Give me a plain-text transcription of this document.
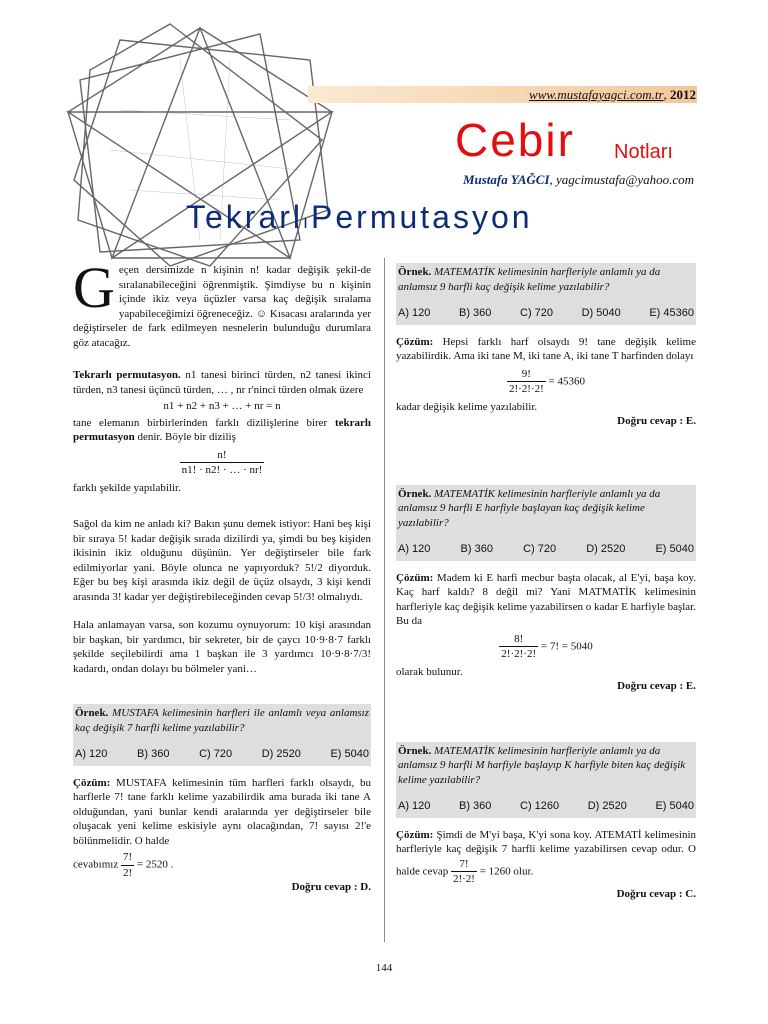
www.mustafayagci.com.tr, 2012
Cebir Notları
Mustafa YAĞCI, yagcimustafa@yahoo.com
TekrarlıPermutasyon

Geçen dersimizde n kişinin n! kadar değişik şekil-de sıralanabileceğini öğrenmiştik. Şimdiyse bu n kişinin içinde ikiz veya üçüzler varsa kaç değişik sıralama yapabileceğimizi öğreneceğiz. ☺ Kısacası aralarında yer değiştirseler de fark edilmeyen nesnelerin bulunduğu durumlara göz atacağız.

Tekrarlı permutasyon. n1 tanesi birinci türden, n2 tanesi ikinci türden, n3 tanesi üçüncü türden, … , nr r'ninci türden olmak üzere

n1 + n2 + n3 + … + nr = n

tane elemanın birbirlerinden farklı dizilişlerine birer tekrarlı permutasyon denir. Böyle bir diziliş

$\frac{n!}{n1! \cdot n2! \cdot \dots \cdot nr!}$

farklı şekilde yapılabilir.

Sağol da kim ne anladı ki? Bakın şunu demek istiyor: Hani beş kişi bir sıraya 5! kadar değişik sırada dizilirdi ya, şimdi bu beş kişiden ikisinin ikiz olduğunu düşünün. Yer değiştirseler bile fark edilmiyorlar yani. Böyle olunca ne yapıyorduk? 5!/2 diyorduk. Eğer bu beş kişi arasında ikiz değil de üçüz olsaydı, 3 kişi kendi arasında 3! kadar yer değiştirebileceğinden cevap 5!/3! olmalıydı.

Hala anlamayan varsa, son kozumu oynuyorum: 10 kişi arasından bir başkan, bir yardımcı, bir sekreter, bir de çaycı 10·9·8·7 farklı şekilde seçilebilirdi ama 1 başkan ile 3 yardımcı 10·9·8·7/3! kadardı, ondan dolayı bu bölmeler yani…

Örnek. MUSTAFA kelimesinin harfleri ile anlamlı veya anlamsız kaç değişik 7 harfli kelime yazılabilir?
A) 120	B) 360	C) 720	D) 2520	E) 5040

Çözüm: MUSTAFA kelimesinin tüm harfleri farklı olsaydı, bu harflerle 7! tane farklı kelime yazabilirdik ama burada iki tane A olduğundan, yani bunlar kendi aralarında yer değiştirseler bile oluşacak yeni kelime eskisiyle aynı olacağından, 7! sayısı 2!'e bölünmelidir. O halde

cevabımız $\frac{7!}{2!} = 2520$ .
Doğru cevap : D.
Örnek. MATEMATİK kelimesinin harfleriyle anlamlı ya da anlamsız 9 harfli kaç değişik kelime yazılabilir?
A) 120	B) 360	C) 720	D) 5040	E) 45360

Çözüm: Hepsi farklı harf olsaydı 9! tane değişik kelime yazabilirdik. Ama iki tane M, iki tane A, iki tane T harfinden dolayı

$\frac{9!}{2!\cdot 2!\cdot 2!} = 45360$

kadar değişik kelime yazılabilir.

Doğru cevap : E.
Örnek. MATEMATİK kelimesinin harfleriyle anlamlı ya da anlamsız 9 harfli E harfiyle başlayan kaç değişik kelime yazılabilir?
A) 120	B) 360	C) 720	D) 2520	E) 5040

Çözüm: Madem ki E harfi mecbur başta olacak, al E'yi, başa koy. Kaç harf kaldı? 8 değil mi? Yani MATMATİK kelimesinin harfleriyle kaç değişik kelime yazabilirsen o kadar E harfiyle başlar. Bu da

$\frac{8!}{2!\cdot 2!\cdot 2!} = 7$! = 5040

olarak bulunur.

Doğru cevap : E.
Örnek. MATEMATİK kelimesinin harfleriyle anlamlı ya da anlamsız 9 harfli M harfiyle başlayıp K harfiyle biten kaç değişik kelime yazılabilir?
A) 120	B) 360	C) 1260	D) 2520	E) 5040

Çözüm: Şimdi de M'yi başa, K'yi sona koy. ATEMATİ kelimesinin harfleriyle kaç değişik 7 harfli kelime yazabilirsen cevap odur. O halde cevap $\frac{7!}{2!\cdot 2!} = 1260$ olur.

Doğru cevap : C.
144
